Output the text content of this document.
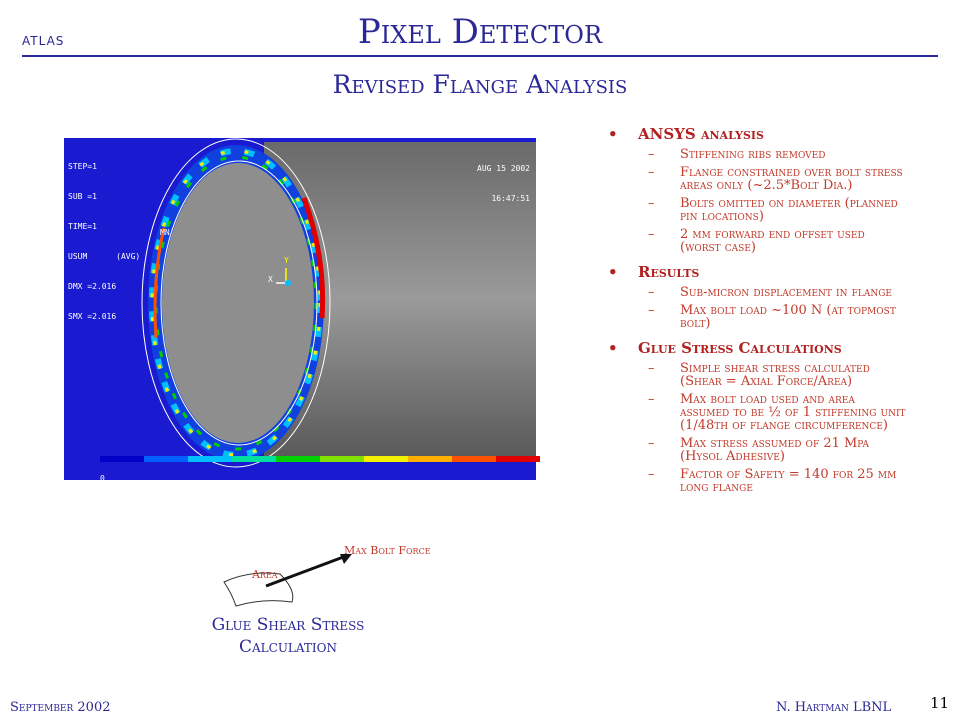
atlas	Pixel Detector
Revised Flange Analysis

STEP=1

SUB =1

TIME=1

USUM      (AVG)

DMX =2.016

SMX =2.016

AUG 15 2002

16:47:51

MN
X
Y

0

.222E-03

.444E-03

.667E-03

.889E-03

.111E-03

.333E-03

.556E-03

.778E-03

.100E-02

Max Bolt Force
Area
Glue Shear Stress
Calculation
• ANSYS analysis
– Stiffening ribs removed
– Flange constrained over bolt stress areas only (~2.5*Bolt Dia.)
– Bolts omitted on diameter (planned pin locations)
– 2 mm forward end offset used (worst case)
• Results
– Sub-micron displacement in flange
– Max bolt load ~100 N (at topmost bolt)
• Glue Stress Calculations
– Simple shear stress calculated (Shear = Axial Force/Area)
– Max bolt load used and area assumed to be ½ of 1 stiffening unit (1/48th of flange circumference)
– Max stress assumed of 21 Mpa (Hysol Adhesive)
– Factor of Safety = 140 for 25 mm long flange
September 2002	N. Hartman LBNL	11
